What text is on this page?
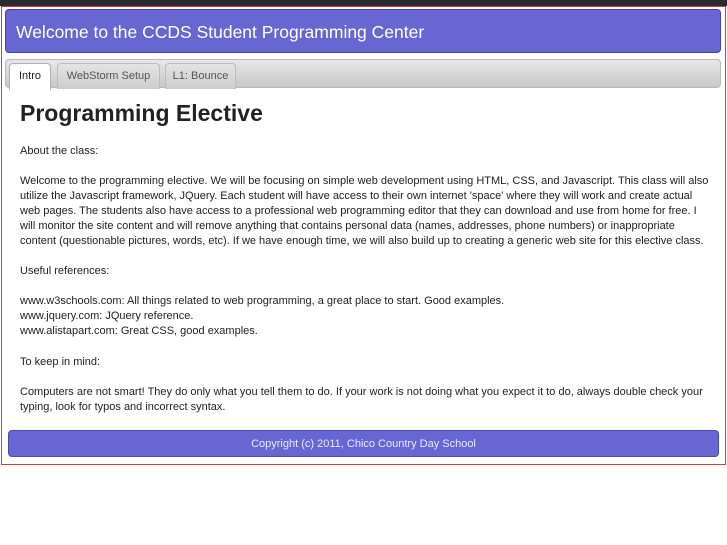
Welcome to the CCDS Student Programming Center
Intro	WebStorm Setup	L1: Bounce
Programming Elective

About the class:

Welcome to the programming elective. We will be focusing on simple web development using HTML, CSS, and Javascript. This class will also utilize the Javascript framework, JQuery. Each student will have access to their own internet 'space' where they will work and create actual web pages. The students also have access to a professional web programming editor that they can download and use from home for free. I will monitor the site content and will remove anything that contains personal data (names, addresses, phone numbers) or inappropriate content (questionable pictures, words, etc). If we have enough time, we will also build up to creating a generic web site for this elective class.

Useful references:

www.w3schools.com: All things related to web programming, a great place to start. Good examples.

www.jquery.com: JQuery reference.

www.alistapart.com: Great CSS, good examples.

To keep in mind:

Computers are not smart! They do only what you tell them to do. If your work is not doing what you expect it to do, always double check your typing, look for typos and incorrect syntax.

Copyright (c) 2011, Chico Country Day School
